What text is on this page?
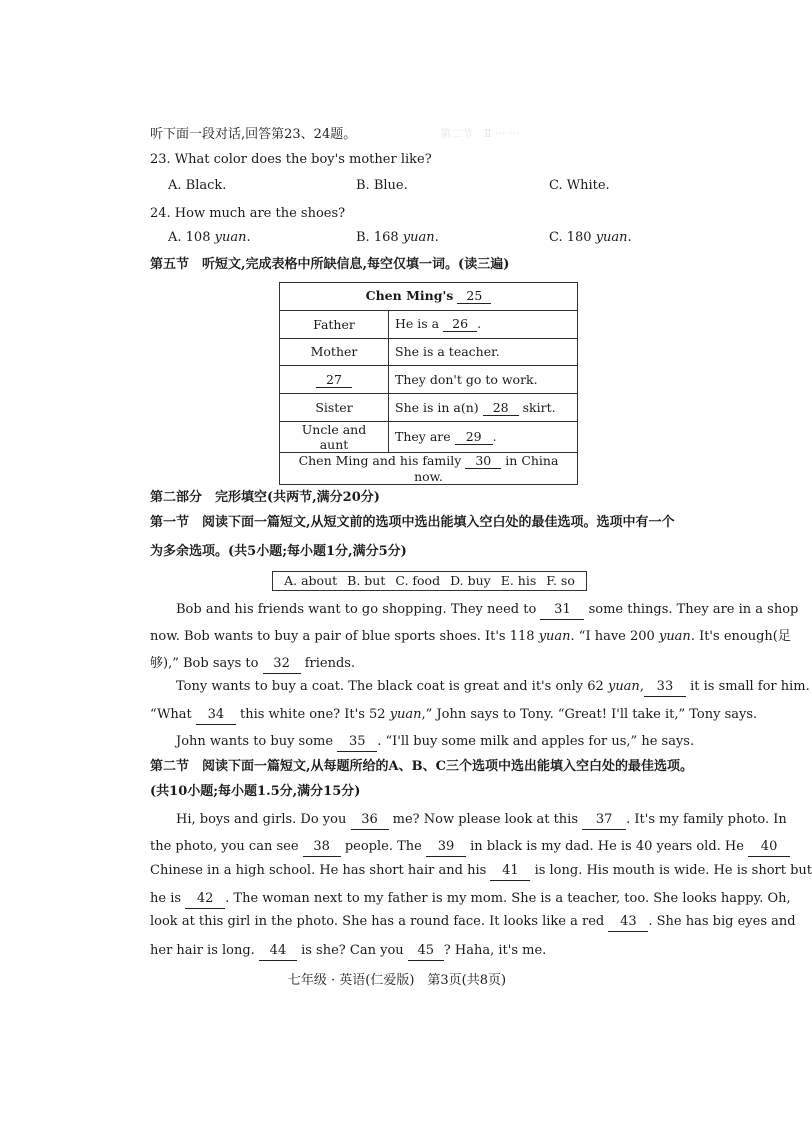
第二节　Ⅱ ··· ···
听下面一段对话,回答第23、24题。
23. What color does the boy's mother like?
A. Black.	B. Blue.	C. White.
24. How much are the shoes?
A. 108 yuan.	B. 168 yuan.	C. 180 yuan.
第五节　听短文,完成表格中所缺信息,每空仅填一词。(读三遍)
Chen Ming's 25	
Father	He is a 26 .
Mother	She is a teacher.
27	They don't go to work.
Sister	She is in a(n) 28 skirt.
Uncle and aunt	They are 29 .
Chen Ming and his family 30 in China now.	
第二部分　完形填空(共两节,满分20分)
第一节　阅读下面一篇短文,从短文前的选项中选出能填入空白处的最佳选项。选项中有一个
为多余选项。(共5小题;每小题1分,满分5分)
A. about B. but C. food D. buy E. his F. so
Bob and his friends want to go shopping. They need to 31 some things. They are in a shop
now. Bob wants to buy a pair of blue sports shoes. It's 118 yuan. “I have 200 yuan. It's enough(足
够),” Bob says to 32 friends.
Tony wants to buy a coat. The black coat is great and it's only 62 yuan, 33 it is small for him.
“What 34 this white one? It's 52 yuan,” John says to Tony. “Great! I'll take it,” Tony says.
John wants to buy some 35 . “I'll buy some milk and apples for us,” he says.
第二节　阅读下面一篇短文,从每题所给的A、B、C三个选项中选出能填入空白处的最佳选项。
(共10小题;每小题1.5分,满分15分)
Hi, boys and girls. Do you 36 me? Now please look at this 37 . It's my family photo. In
the photo, you can see 38 people. The 39 in black is my dad. He is 40 years old. He 40
Chinese in a high school. He has short hair and his 41 is long. His mouth is wide. He is short but
he is 42 . The woman next to my father is my mom. She is a teacher, too. She looks happy. Oh,
look at this girl in the photo. She has a round face. It looks like a red 43 . She has big eyes and
her hair is long. 44 is she? Can you 45 ? Haha, it's me.
七年级 · 英语(仁爱版)　第3页(共8页)
